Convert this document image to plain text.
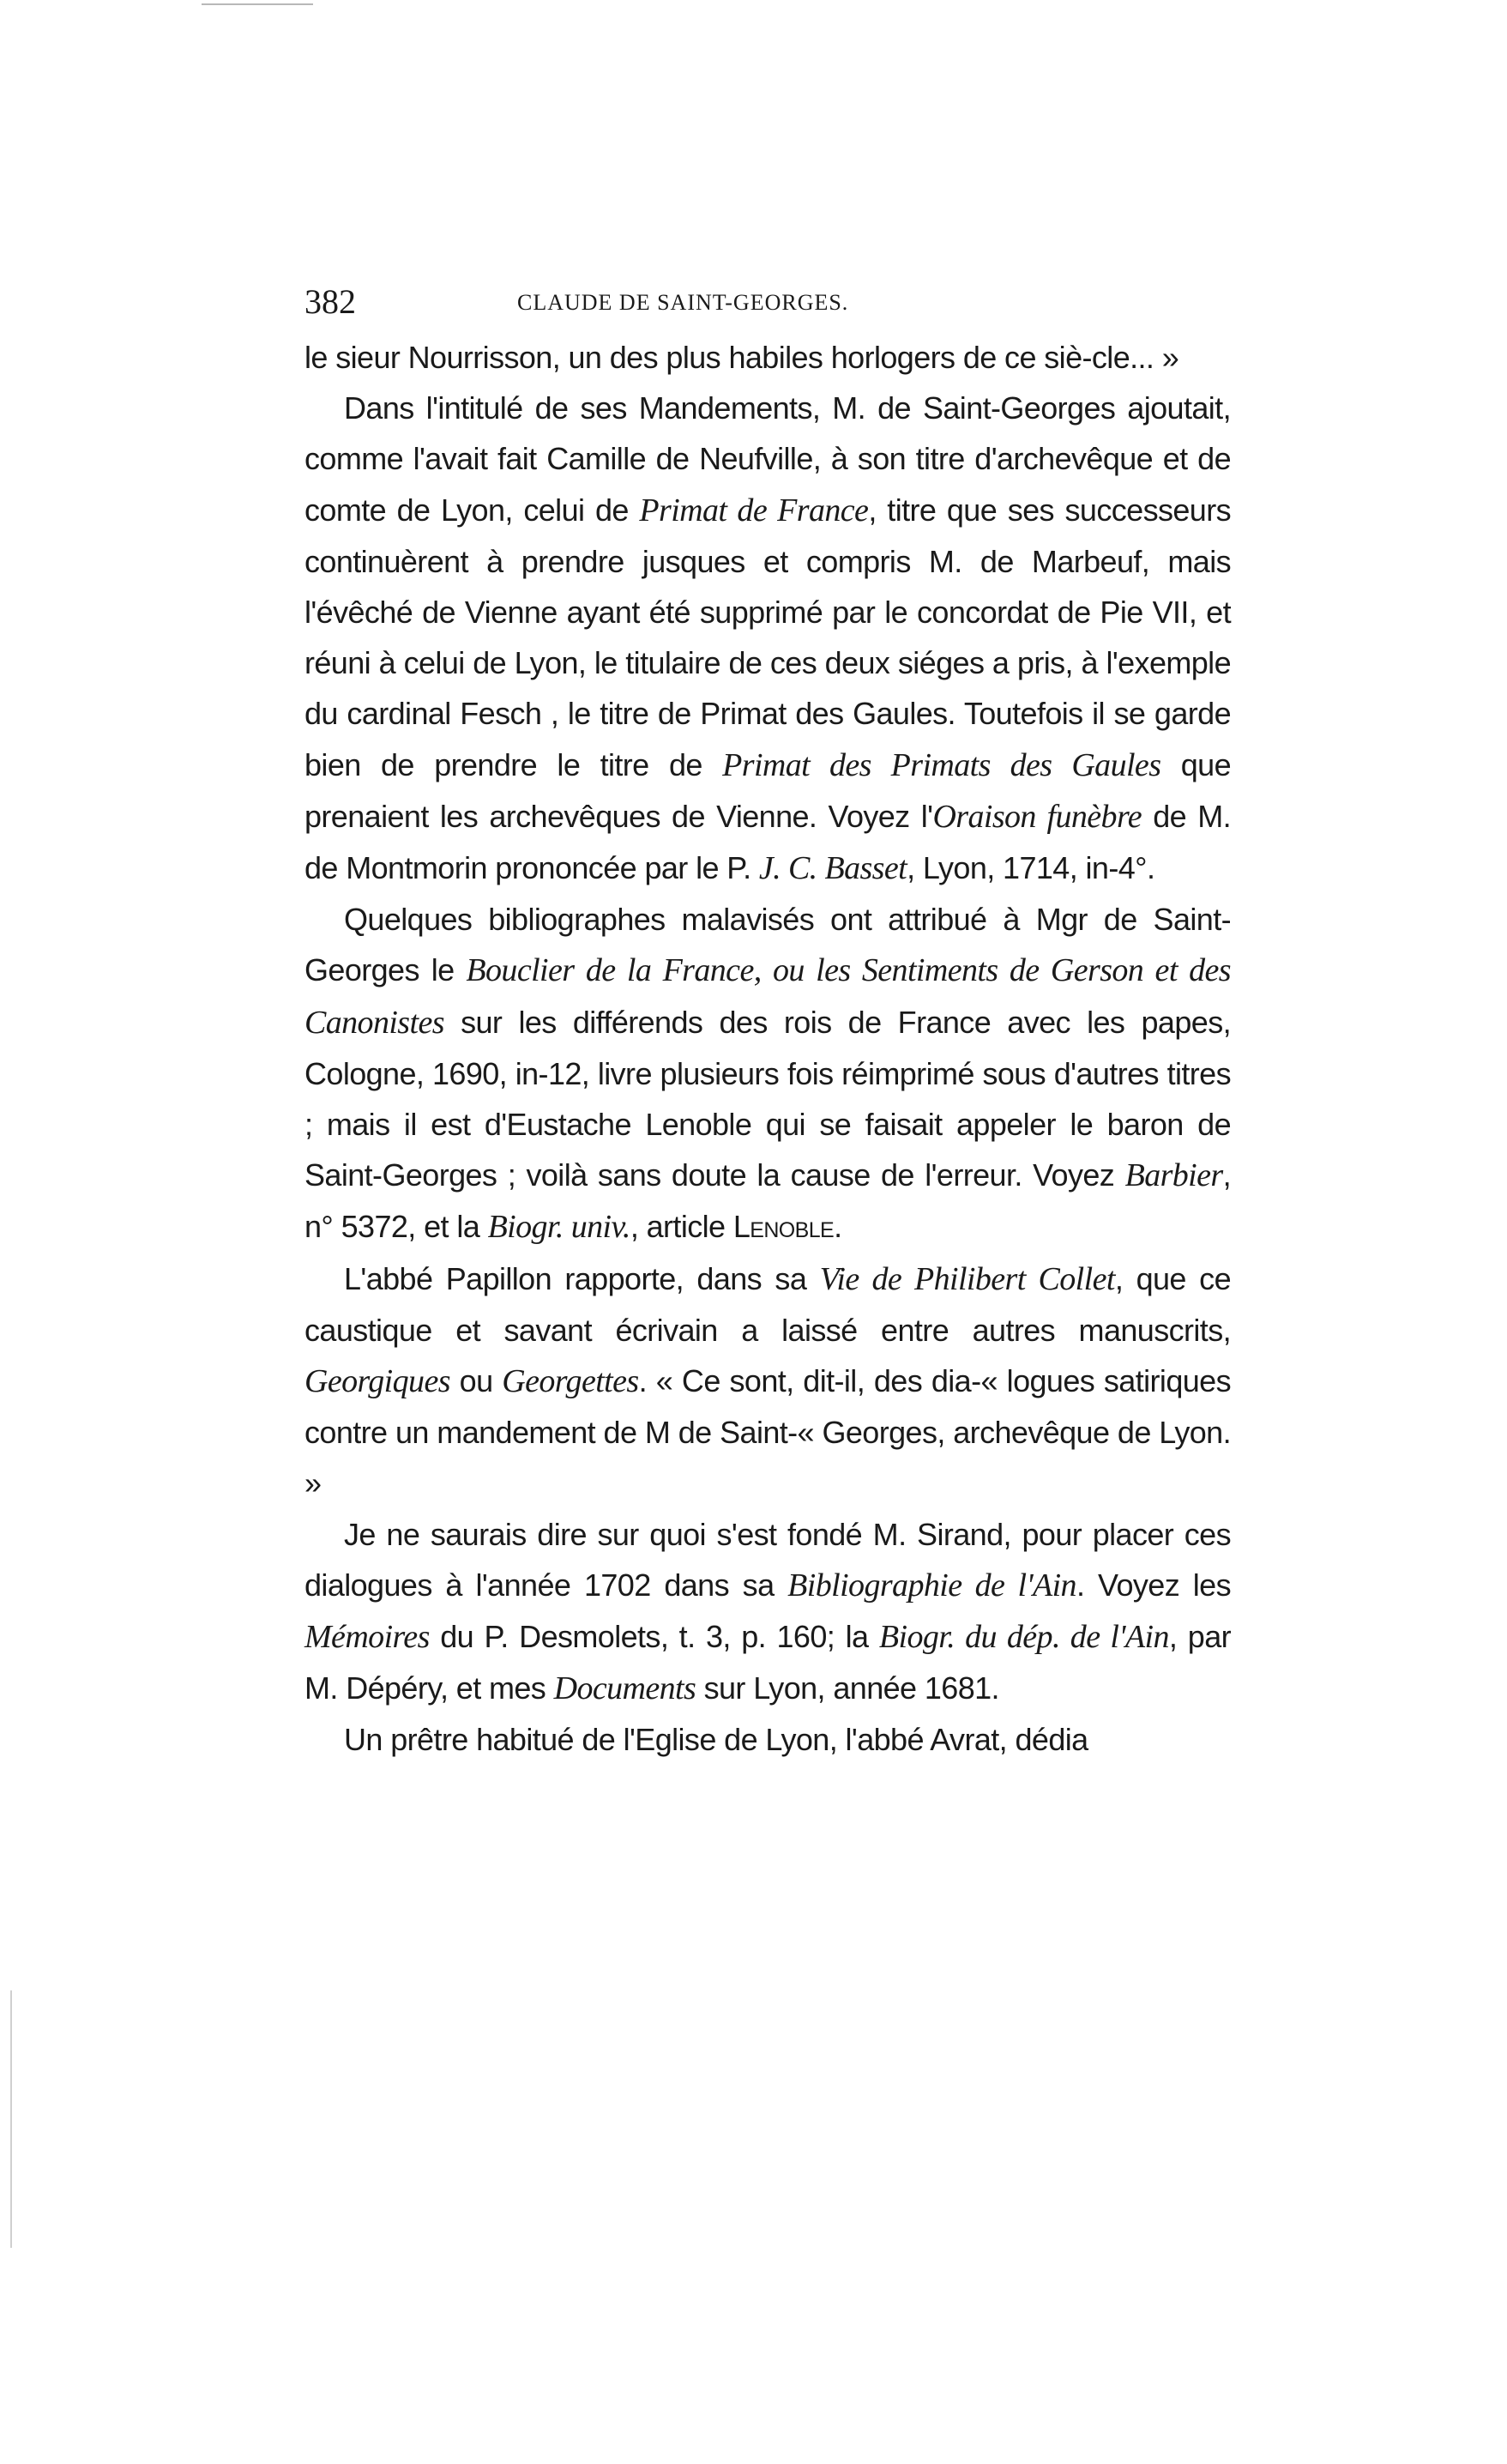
382	CLAUDE DE SAINT-GEORGES.

le sieur Nourrisson, un des plus habiles horlogers de ce siè-cle... »

Dans l'intitulé de ses Mandements, M. de Saint-Georges ajoutait, comme l'avait fait Camille de Neufville, à son titre d'archevêque et de comte de Lyon, celui de Primat de France, titre que ses successeurs continuèrent à prendre jusques et compris M. de Marbeuf, mais l'évêché de Vienne ayant été supprimé par le concordat de Pie VII, et réuni à celui de Lyon, le titulaire de ces deux siéges a pris, à l'exemple du cardinal Fesch , le titre de Primat des Gaules. Toutefois il se garde bien de prendre le titre de Primat des Primats des Gaules que prenaient les archevêques de Vienne. Voyez l'Oraison funèbre de M. de Montmorin prononcée par le P. J. C. Basset, Lyon, 1714, in-4°.

Quelques bibliographes malavisés ont attribué à Mgr de Saint-Georges le Bouclier de la France, ou les Sentiments de Gerson et des Canonistes sur les différends des rois de France avec les papes, Cologne, 1690, in-12, livre plusieurs fois réimprimé sous d'autres titres ; mais il est d'Eustache Lenoble qui se faisait appeler le baron de Saint-Georges ; voilà sans doute la cause de l'erreur. Voyez Barbier, n° 5372, et la Biogr. univ., article Lenoble.

L'abbé Papillon rapporte, dans sa Vie de Philibert Collet, que ce caustique et savant écrivain a laissé entre autres manuscrits, Georgiques ou Georgettes. « Ce sont, dit-il, des dia-« logues satiriques contre un mandement de M de Saint-« Georges, archevêque de Lyon. »

Je ne saurais dire sur quoi s'est fondé M. Sirand, pour placer ces dialogues à l'année 1702 dans sa Bibliographie de l'Ain. Voyez les Mémoires du P. Desmolets, t. 3, p. 160; la Biogr. du dép. de l'Ain, par M. Dépéry, et mes Documents sur Lyon, année 1681.

Un prêtre habitué de l'Eglise de Lyon, l'abbé Avrat, dédia
